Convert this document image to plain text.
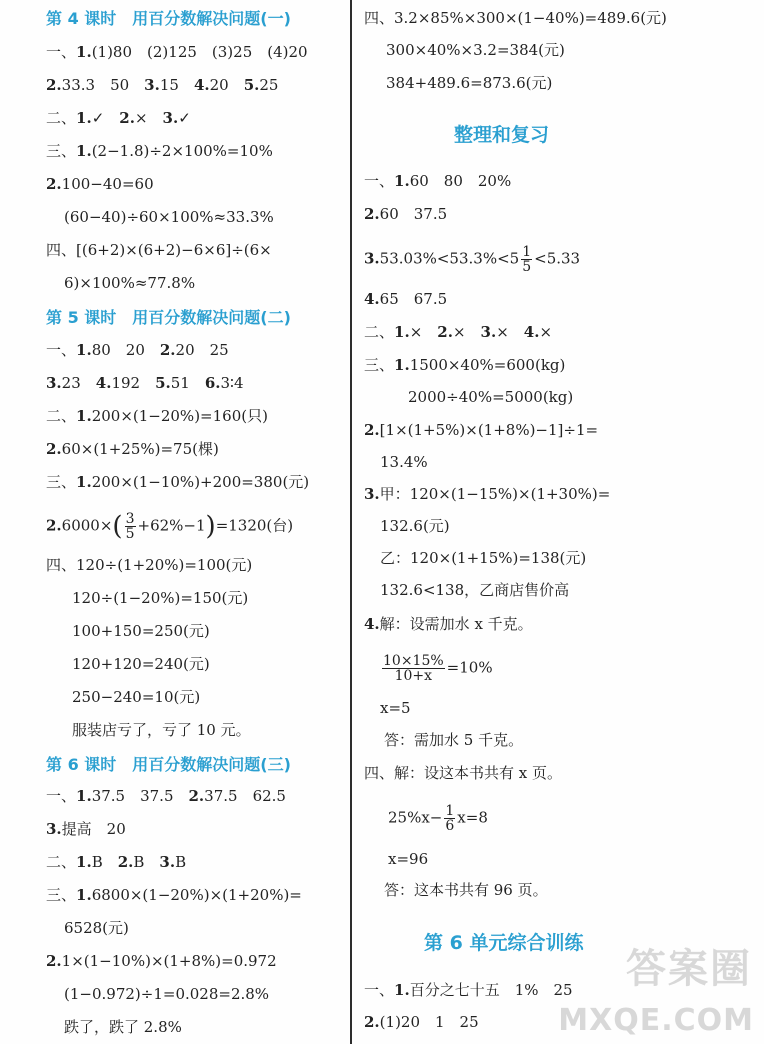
第 4 课时　用百分数解决问题(一)
一、1.(1)80　(2)125　(3)25　(4)20
2.33.3　50　3.15　4.20　5.25
二、1.✓　2.×　3.✓
三、1.(2−1.8)÷2×100%=10%
2.100−40=60
(60−40)÷60×100%≈33.3%
四、[(6+2)×(6+2)−6×6]÷(6×
6)×100%≈77.8%
第 5 课时　用百分数解决问题(二)
一、1.80　20　2.20　25
3.23　4.192　5.51　6.3∶4
二、1.200×(1−20%)=160(只)
2.60×(1+25%)=75(棵)
三、1.200×(1−10%)+200=380(元)
$2.6000\times( \frac{3}{5} +62\%-1)=1320$(台)
四、120÷(1+20%)=100(元)
120÷(1−20%)=150(元)
100+150=250(元)
120+120=240(元)
250−240=10(元)
服装店亏了，亏了 10 元。
第 6 课时　用百分数解决问题(三)
一、1.37.5　37.5　2.37.5　62.5
3.提高　20
二、1.B　2.B　3.B
三、1.6800×(1−20%)×(1+20%)=
6528(元)
2.1×(1−10%)×(1+8%)=0.972
(1−0.972)÷1=0.028=2.8%
跌了，跌了 2.8%
四、3.2×85%×300×(1−40%)=489.6(元)
300×40%×3.2=384(元)
384+489.6=873.6(元)
整理和复习
一、1.60　80　20%
2.60　37.5
$3.53.03\%<53.3\%<5 \frac{1}{5} <5.33$
4.65　67.5
二、1.×　2.×　3.×　4.×
三、1.1500×40%=600(kg)
2000÷40%=5000(kg)
2.[1×(1+5%)×(1+8%)−1]÷1=
13.4%
3.甲：120×(1−15%)×(1+30%)=
132.6(元)
乙：120×(1+15%)=138(元)
132.6<138，乙商店售价高
4.解：设需加水 x 千克。
$\frac{10\times 15\%}{10+x} =10\%$
x=5
答：需加水 5 千克。
四、解：设这本书共有 x 页。
$25\%x- \frac{1}{6} x=8$
x=96
答：这本书共有 96 页。
第 6 单元综合训练
一、1.百分之七十五　1%　25
2.(1)20　1　25
答案圈
MXQE.COM
